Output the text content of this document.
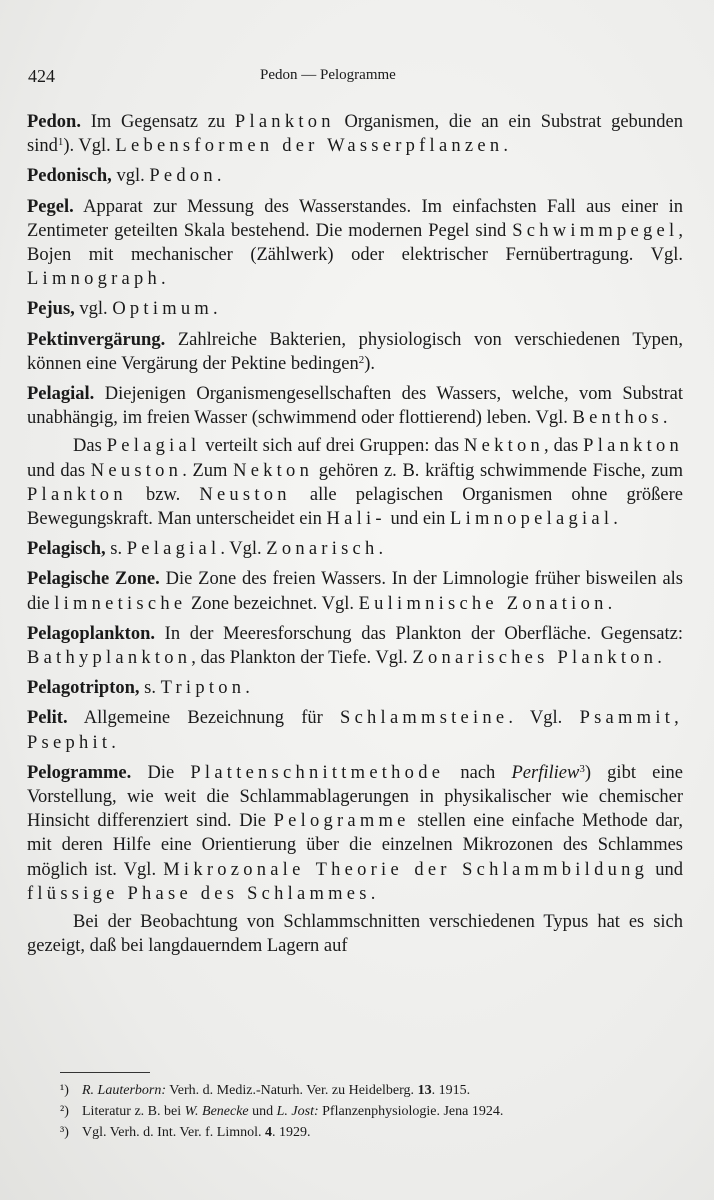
424	Pedon — Pelogramme

Pedon. Im Gegensatz zu Plankton Organismen, die an ein Substrat gebunden sind$^1$). Vgl. Lebensformen der Wasserpflanzen.

Pedonisch, vgl. Pedon.

Pegel. Apparat zur Messung des Wasserstandes. Im einfachsten Fall aus einer in Zentimeter geteilten Skala bestehend. Die modernen Pegel sind Schwimmpegel, Bojen mit mechanischer (Zählwerk) oder elektrischer Fernübertragung. Vgl. Limnograph.

Pejus, vgl. Optimum.

Pektinvergärung. Zahlreiche Bakterien, physiologisch von verschiedenen Typen, können eine Vergärung der Pektine bedingen$^2$).

Pelagial. Diejenigen Organismengesellschaften des Wassers, welche, vom Substrat unabhängig, im freien Wasser (schwimmend oder flottierend) leben. Vgl. Benthos.

Das Pelagial verteilt sich auf drei Gruppen: das Nekton, das Plankton und das Neuston. Zum Nekton gehören z. B. kräftig schwimmende Fische, zum Plankton bzw. Neuston alle pelagischen Organismen ohne größere Bewegungskraft. Man unterscheidet ein Hali- und ein Limnopelagial.

Pelagisch, s. Pelagial. Vgl. Zonarisch.

Pelagische Zone. Die Zone des freien Wassers. In der Limnologie früher bisweilen als die limnetische Zone bezeichnet. Vgl. Eulimnische Zonation.

Pelagoplankton. In der Meeresforschung das Plankton der Oberfläche. Gegensatz: Bathyplankton, das Plankton der Tiefe. Vgl. Zonarisches Plankton.

Pelagotripton, s. Tripton.

Pelit. Allgemeine Bezeichnung für Schlammsteine. Vgl. Psammit, Psephit.

Pelogramme. Die Plattenschnittmethode nach Perfiliew$^3$) gibt eine Vorstellung, wie weit die Schlammablagerungen in physikalischer wie chemischer Hinsicht differenziert sind. Die Pelogramme stellen eine einfache Methode dar, mit deren Hilfe eine Orientierung über die einzelnen Mikrozonen des Schlammes möglich ist. Vgl. Mikrozonale Theorie der Schlammbildung und flüssige Phase des Schlammes.

Bei der Beobachtung von Schlammschnitten verschiedenen Typus hat es sich gezeigt, daß bei langdauerndem Lagern auf

¹) R. Lauterborn: Verh. d. Mediz.-Naturh. Ver. zu Heidelberg. 13. 1915.
²) Literatur z. B. bei W. Benecke und L. Jost: Pflanzenphysiologie. Jena 1924.
³) Vgl. Verh. d. Int. Ver. f. Limnol. 4. 1929.
